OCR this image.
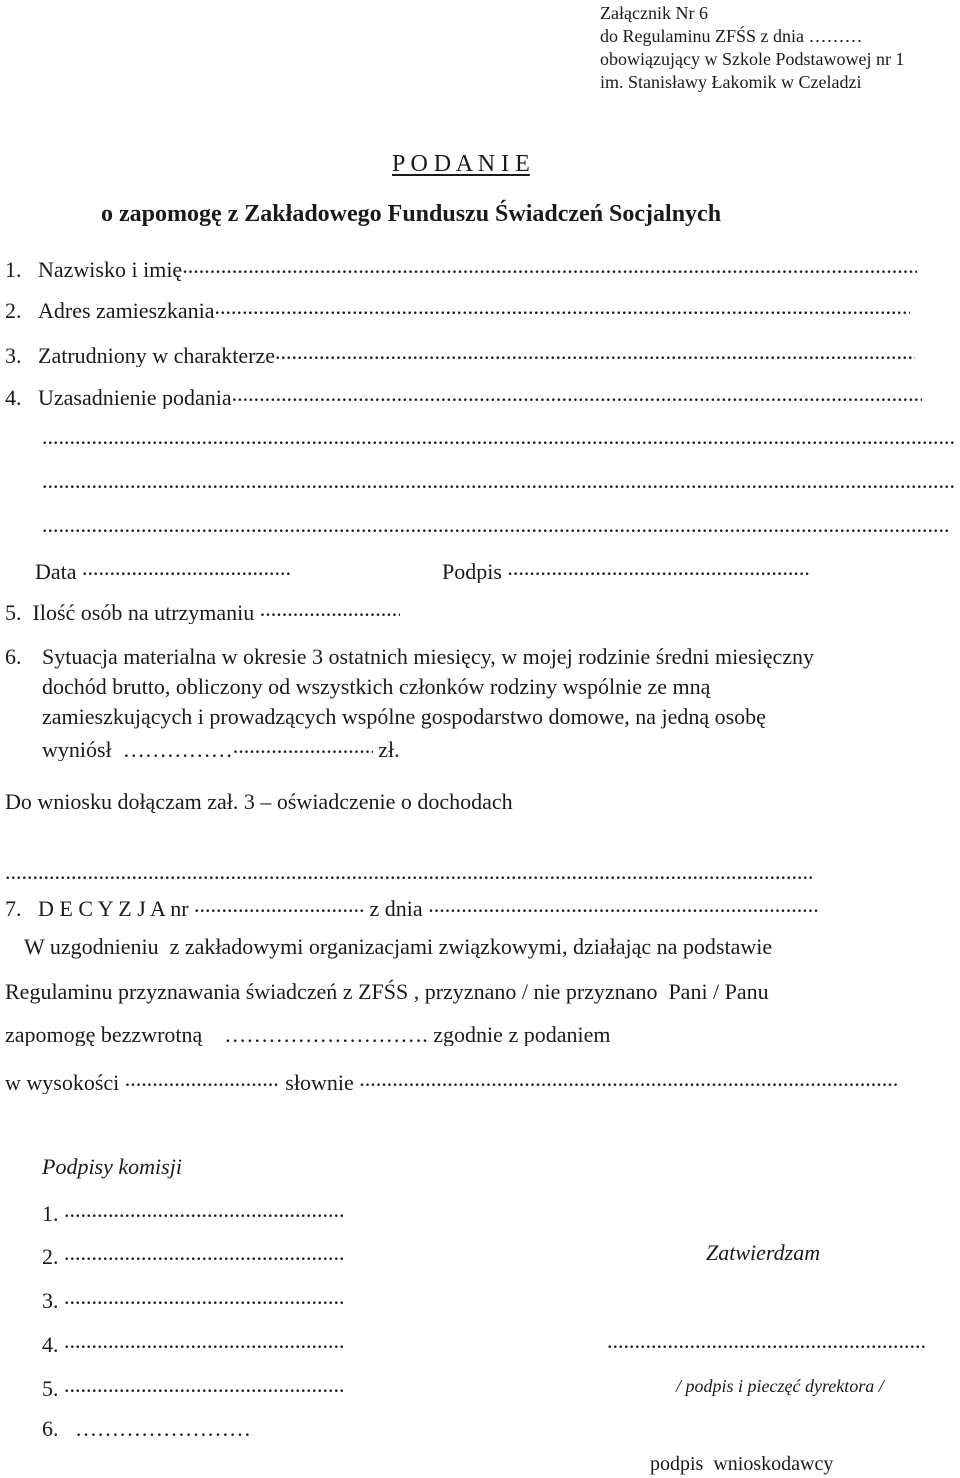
Załącznik Nr 6
do Regulaminu ZFŚS z dnia ………
obowiązujący w Szkole Podstawowej nr 1
im. Stanisławy Łakomik w Czeladzi
P O D A N I E
o zapomogę z Zakładowego Funduszu Świadczeń Socjalnych
1. Nazwisko i imię.....
2. Adres zamieszkania.....
3. Zatrudniony w charakterze.....
4. Uzasadnienie podania.....
.....
.....
.....
Data .....	Podpis .....
5. Ilość osób na utrzymaniu .....
6. Sytuacja materialna w okresie 3 ostatnich miesięcy, w mojej rodzinie średni miesięczny
dochód brutto, obliczony od wszystkich członków rodziny wspólnie ze mną
zamieszkujących i prowadzących wspólne gospodarstwo domowe, na jedną osobę
wyniósł …………… .....	zł.
Do wniosku dołączam zał. 3 – oświadczenie o dochodach
.....
7. D E C Y Z J A nr .....	z dnia .....
W uzgodnieniu  z zakładowymi organizacjami związkowymi, działając na podstawie
Regulaminu przyznawania świadczeń z ZFŚS , przyznano / nie przyznano  Pani / Panu
zapomogę bezzwrotną ………………………. zgodnie z podaniem
w wysokości .....	słownie .....
Podpisy komisji
1. .....
2. .....
3. .....
4. .....
5. .....
6. ……………………
Zatwierdzam
.....
/ podpis i pieczęć dyrektora /
podpis  wnioskodawcy
